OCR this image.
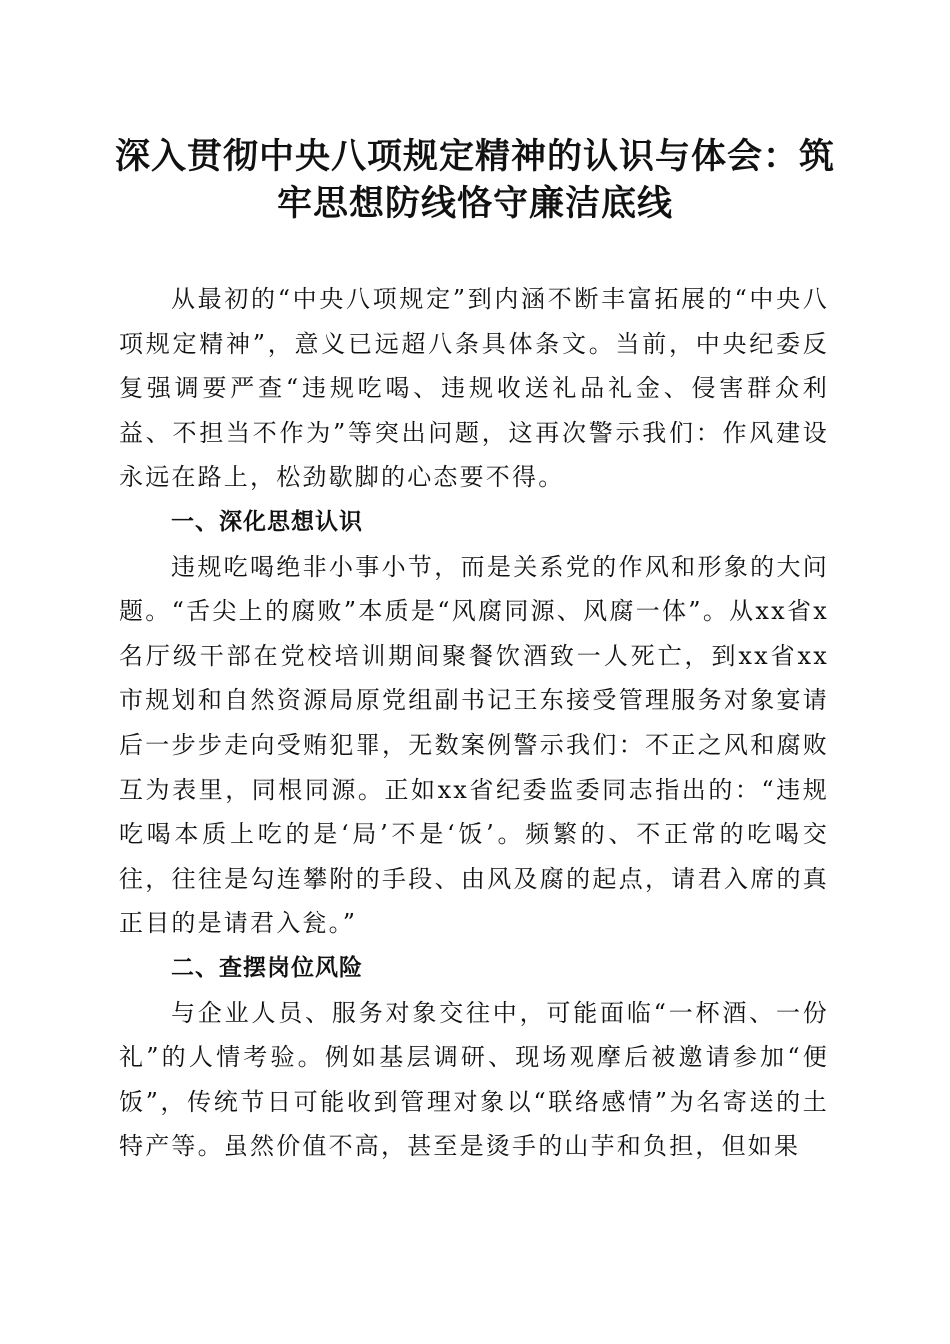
深入贯彻中央八项规定精神的认识与体会：筑牢思想防线恪守廉洁底线

从最初的“中央八项规定”到内涵不断丰富拓展的“中央八项规定精神”，意义已远超八条具体条文。当前，中央纪委反复强调要严查“违规吃喝、违规收送礼品礼金、侵害群众利益、不担当不作为”等突出问题，这再次警示我们：作风建设永远在路上，松劲歇脚的心态要不得。

一、深化思想认识

违规吃喝绝非小事小节，而是关系党的作风和形象的大问题。“舌尖上的腐败”本质是“风腐同源、风腐一体”。从xx省x名厅级干部在党校培训期间聚餐饮酒致一人死亡，到xx省xx市规划和自然资源局原党组副书记王东接受管理服务对象宴请后一步步走向受贿犯罪，无数案例警示我们：不正之风和腐败互为表里，同根同源。正如xx省纪委监委同志指出的：“违规吃喝本质上吃的是‘局’不是‘饭’。频繁的、不正常的吃喝交往，往往是勾连攀附的手段、由风及腐的起点，请君入席的真正目的是请君入瓮。”

二、查摆岗位风险

与企业人员、服务对象交往中，可能面临“一杯酒、一份礼”的人情考验。例如基层调研、现场观摩后被邀请参加“便饭”，传统节日可能收到管理对象以“联络感情”为名寄送的土特产等。虽然价值不高，甚至是烫手的山芋和负担，但如果
